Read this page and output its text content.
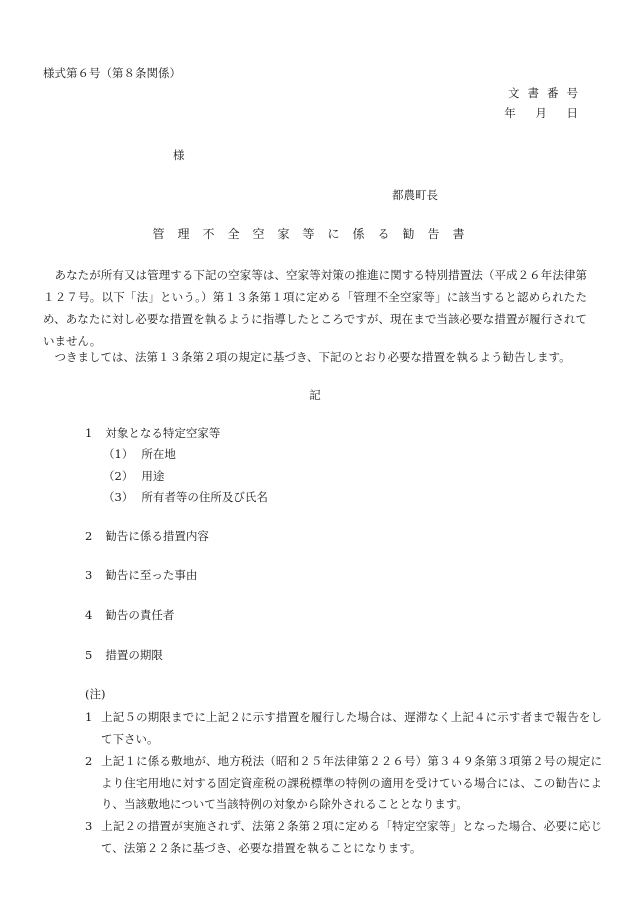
様式第６号（第８条関係）
文書番号
年 月 日
様
都農町長
管理不全空家等に係る勧告書
あなたが所有又は管理する下記の空家等は、空家等対策の推進に関する特別措置法（平成２６年法律第１２７号。以下「法」という。）第１３条第１項に定める「管理不全空家等」に該当すると認められたため、あなたに対し必要な措置を執るように指導したところですが、現在まで当該必要な措置が履行されていません。
つきましては、法第１３条第２項の規定に基づき、下記のとおり必要な措置を執るよう勧告します。
記
1 対象となる特定空家等
（1） 所在地
（2） 用途
（3） 所有者等の住所及び氏名
2 勧告に係る措置内容
3 勧告に至った事由
4 勧告の責任者
5 措置の期限
(注)
1 上記５の期限までに上記２に示す措置を履行した場合は、遅滞なく上記４に示す者まで報告をして下さい。
2 上記１に係る敷地が、地方税法（昭和２５年法律第２２６号）第３４９条第３項第２号の規定により住宅用地に対する固定資産税の課税標準の特例の適用を受けている場合には、この勧告により、当該敷地について当該特例の対象から除外されることとなります。
3 上記２の措置が実施されず、法第２条第２項に定める「特定空家等」となった場合、必要に応じて、法第２２条に基づき、必要な措置を執ることになります。
